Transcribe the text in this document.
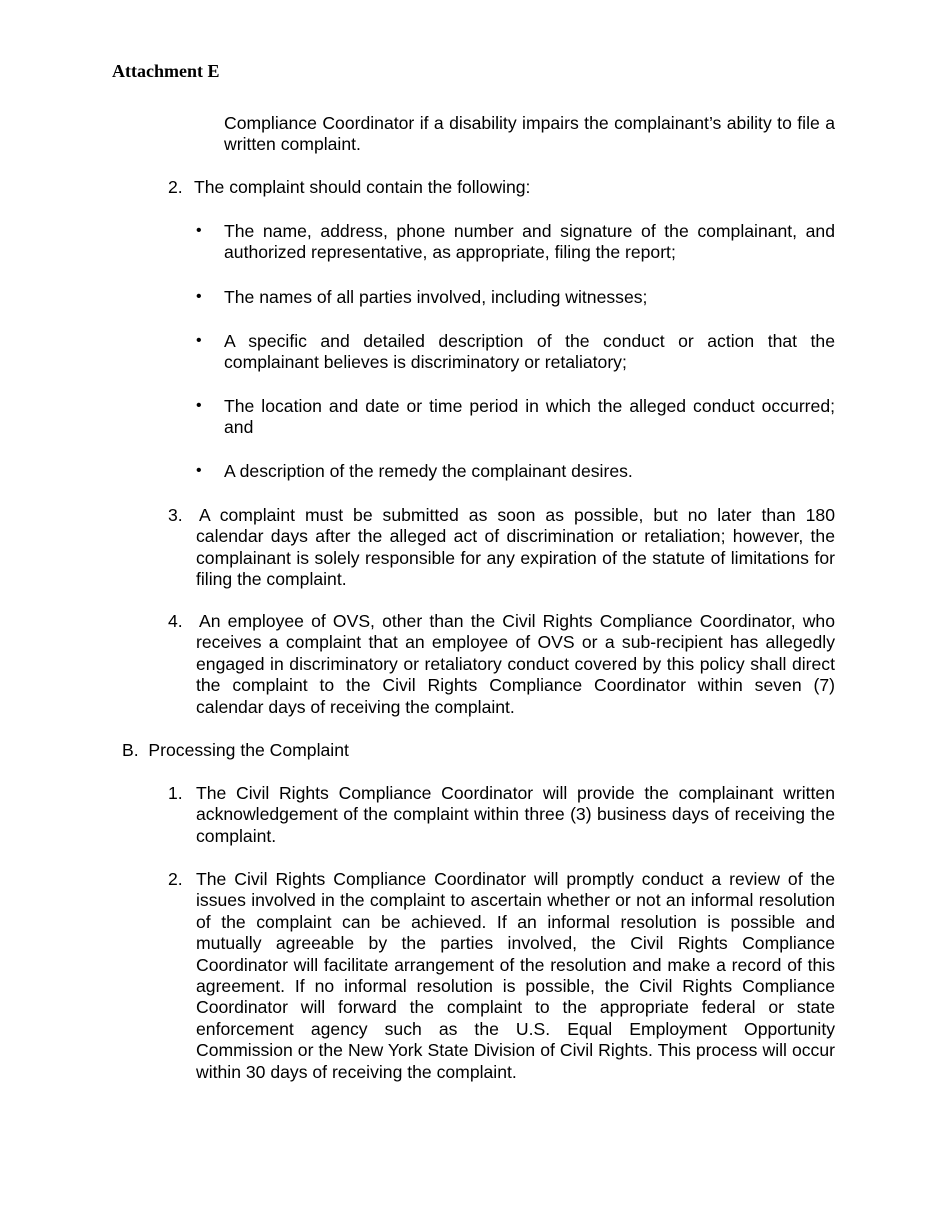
Attachment E
Compliance Coordinator if a disability impairs the complainant’s ability to file a written complaint.
2. The complaint should contain the following:
• The name, address, phone number and signature of the complainant, and authorized representative, as appropriate, filing the report;
• The names of all parties involved, including witnesses;
• A specific and detailed description of the conduct or action that the complainant believes is discriminatory or retaliatory;
• The location and date or time period in which the alleged conduct occurred; and
• A description of the remedy the complainant desires.
3. A complaint must be submitted as soon as possible, but no later than 180 calendar days after the alleged act of discrimination or retaliation; however, the complainant is solely responsible for any expiration of the statute of limitations for filing the complaint.
4. An employee of OVS, other than the Civil Rights Compliance Coordinator, who receives a complaint that an employee of OVS or a sub-recipient has allegedly engaged in discriminatory or retaliatory conduct covered by this policy shall direct the complaint to the Civil Rights Compliance Coordinator within seven (7) calendar days of receiving the complaint.
B.  Processing the Complaint
1. The Civil Rights Compliance Coordinator will provide the complainant written acknowledgement of the complaint within three (3) business days of receiving the complaint.
2. The Civil Rights Compliance Coordinator will promptly conduct a review of the issues involved in the complaint to ascertain whether or not an informal resolution of the complaint can be achieved. If an informal resolution is possible and mutually agreeable by the parties involved, the Civil Rights Compliance Coordinator will facilitate arrangement of the resolution and make a record of this agreement. If no informal resolution is possible, the Civil Rights Compliance Coordinator will forward the complaint to the appropriate federal or state enforcement agency such as the U.S. Equal Employment Opportunity Commission or the New York State Division of Civil Rights. This process will occur within 30 days of receiving the complaint.
